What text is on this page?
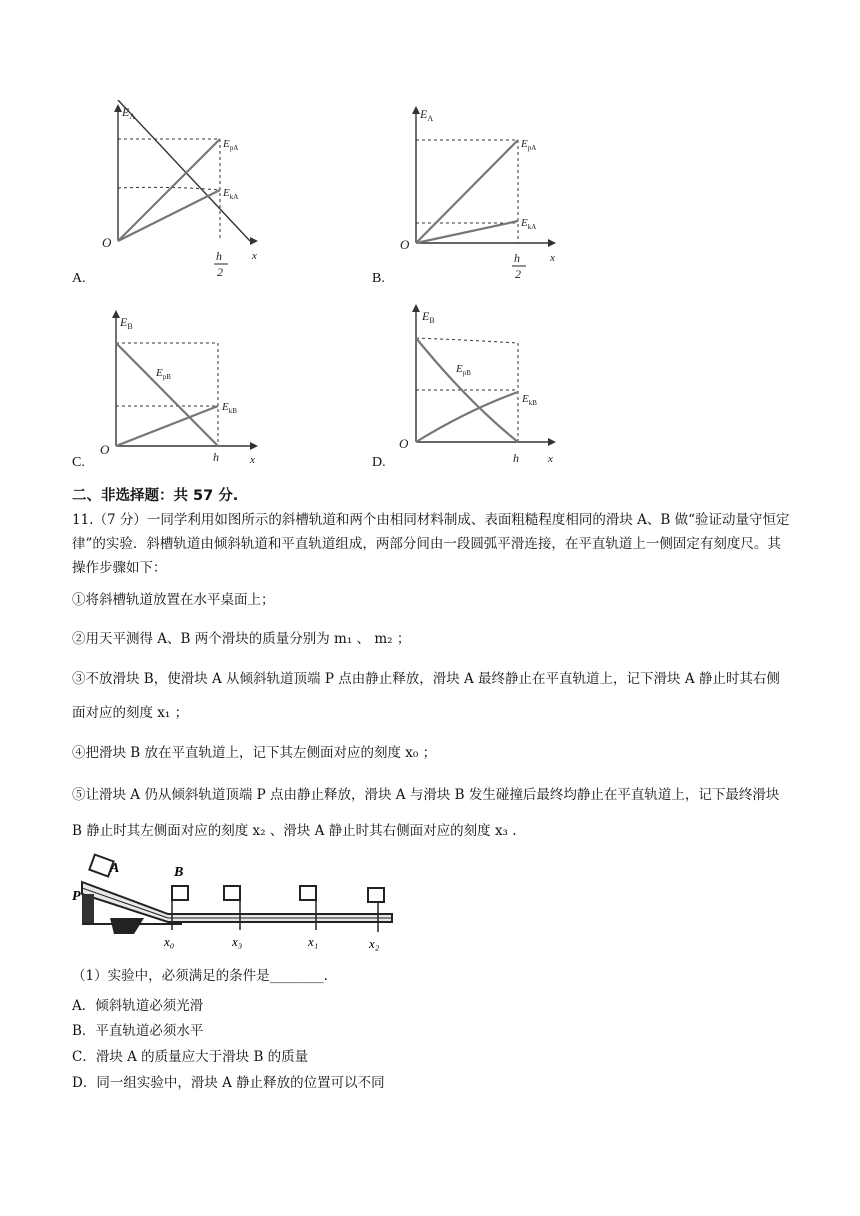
$E_A$
O
x
$E_{pA}$
$E_{kA}$
h
2
A.
$E_A$
O
x
$E_{pA}$
$E_{kA}$
h
2
B.
$E_B$
O
x
$E_{pB}$
$E_{kB}$
h
C.
$E_B$
O
x
$E_{pB}$
$E_{kB}$
h
D.
二、非选择题：共 57 分.
11.（7 分）一同学利用如图所示的斜槽轨道和两个由相同材料制成、表面粗糙程度相同的滑块 A、B 做“验证动量守恒定律”的实验．斜槽轨道由倾斜轨道和平直轨道组成，两部分间由一段圆弧平滑连接，在平直轨道上一侧固定有刻度尺。其操作步骤如下：
①将斜槽轨道放置在水平桌面上；
②用天平测得 A、B 两个滑块的质量分别为 m₁ 、 m₂ ；
③不放滑块 B，使滑块 A 从倾斜轨道顶端 P 点由静止释放，滑块 A 最终静止在平直轨道上，记下滑块 A 静止时其右侧面对应的刻度 x₁ ；
④把滑块 B 放在平直轨道上，记下其左侧面对应的刻度 x₀ ；
⑤让滑块 A 仍从倾斜轨道顶端 P 点由静止释放，滑块 A 与滑块 B 发生碰撞后最终均静止在平直轨道上，记下最终滑块 B 静止时其左侧面对应的刻度 x₂ 、滑块 A 静止时其右侧面对应的刻度 x₃ .
A
P
B
x₀	x₃	x₁	x₂
（1）实验中，必须满足的条件是________.
A．倾斜轨道必须光滑
B．平直轨道必须水平
C．滑块 A 的质量应大于滑块 B 的质量
D．同一组实验中，滑块 A 静止释放的位置可以不同
